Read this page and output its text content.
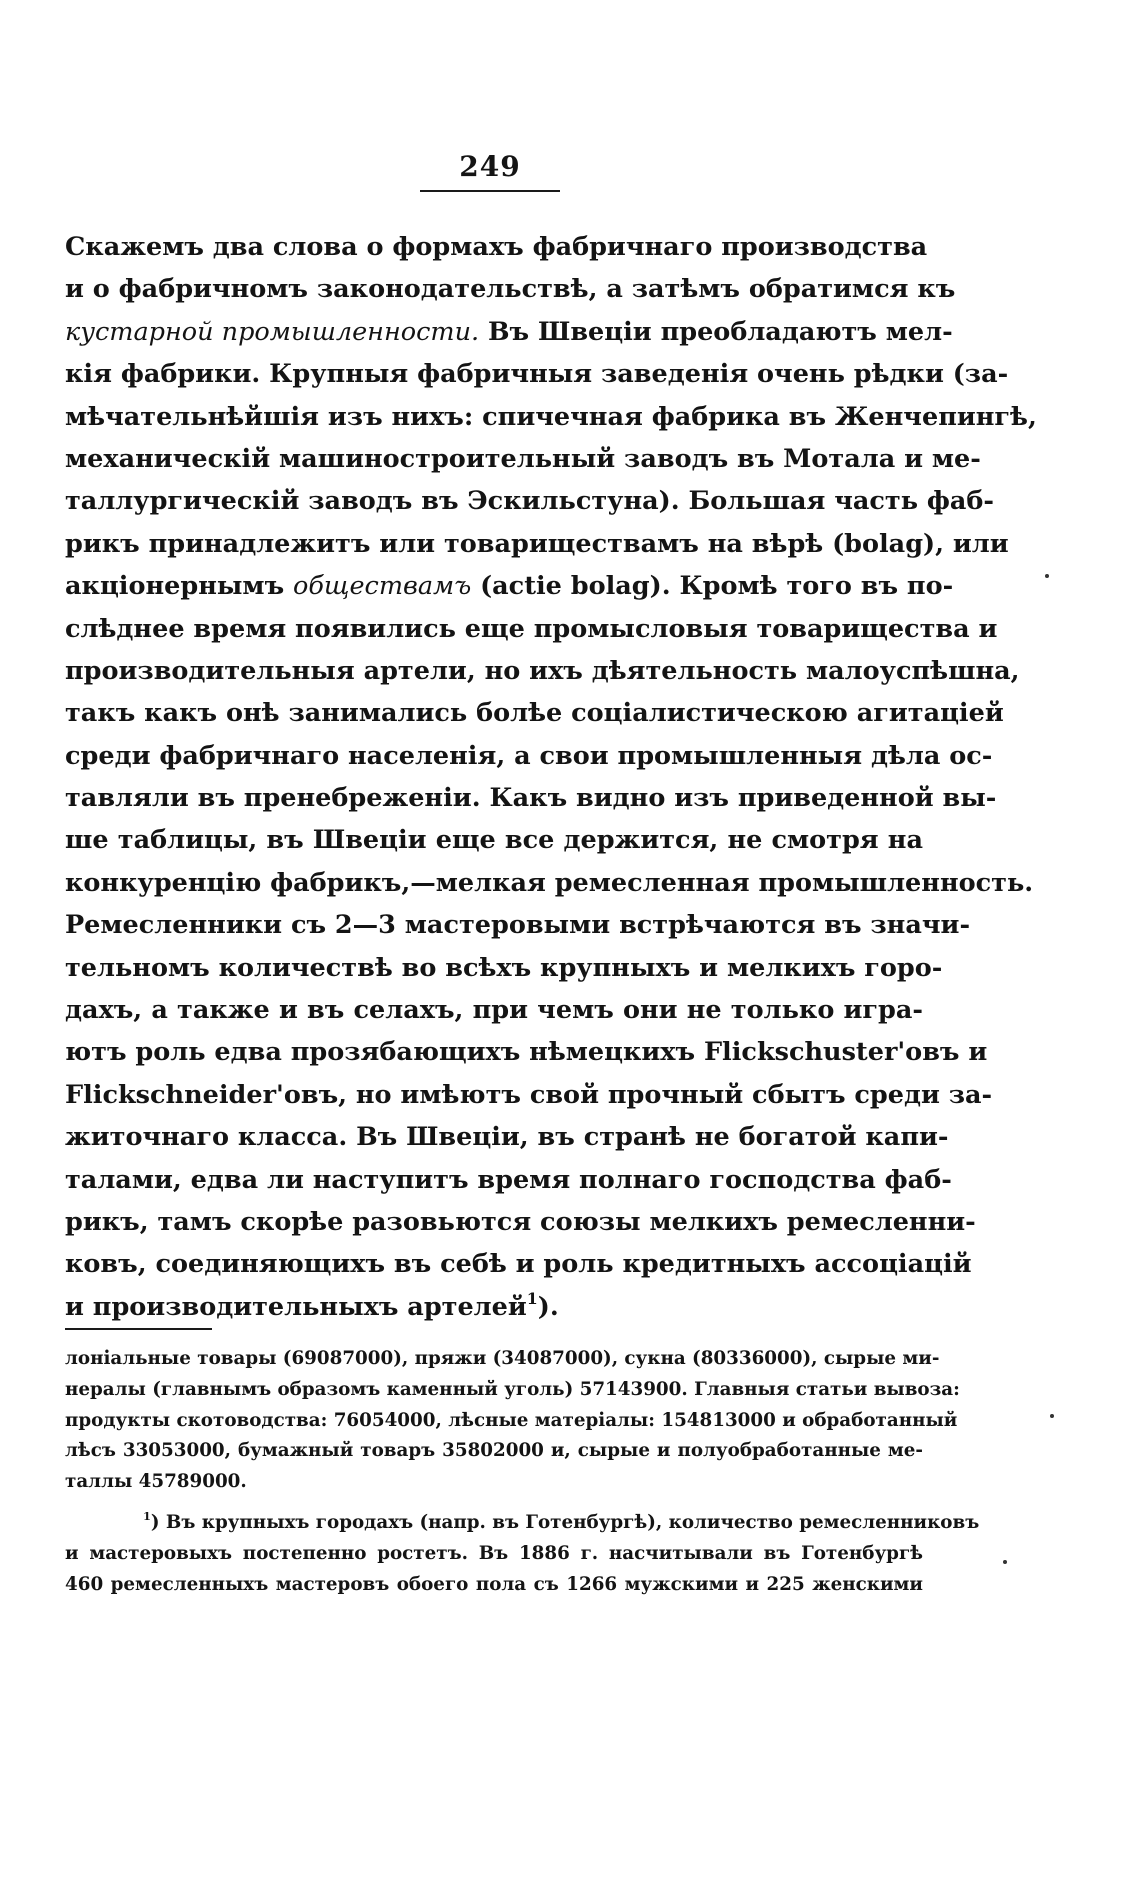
249
Скажемъ два слова о формахъ фабричнаго производства
и о фабричномъ законодательствѣ, а затѣмъ обратимся къ
кустарной промышленности. Въ Швеціи преобладаютъ мел-
кія фабрики. Крупныя фабричныя заведенія очень рѣдки (за-
мѣчательнѣйшія изъ нихъ: спичечная фабрика въ Женчепингѣ,
механическій машиностроительный заводъ въ Мотала и ме-
таллургическій заводъ въ Эскильстуна). Большая часть фаб-
рикъ принадлежитъ или товариществамъ на вѣрѣ (bolag), или
акціонернымъ обществамъ (actie bolag). Кромѣ того въ по-
слѣднее время появились еще промысловыя товарищества и
производительныя артели, но ихъ дѣятельность малоуспѣшна,
такъ какъ онѣ занимались болѣе соціалистическою агитаціей
среди фабричнаго населенія, а свои промышленныя дѣла ос-
тавляли въ пренебреженіи. Какъ видно изъ приведенной вы-
ше таблицы, въ Швеціи еще все держится, не смотря на
конкуренцію фабрикъ,—мелкая ремесленная промышленность.
Ремесленники съ 2—3 мастеровыми встрѣчаются въ значи-
тельномъ количествѣ во всѣхъ крупныхъ и мелкихъ горо-
дахъ, а также и въ селахъ, при чемъ они не только игра-
ютъ роль едва прозябающихъ нѣмецкихъ Flickschuster'овъ и
Flickschneider'овъ, но имѣютъ свой прочный сбытъ среди за-
житочнаго класса. Въ Швеціи, въ странѣ не богатой капи-
талами, едва ли наступитъ время полнаго господства фаб-
рикъ, тамъ скорѣе разовьются союзы мелкихъ ремесленни-
ковъ, соединяющихъ въ себѣ и роль кредитныхъ ассоціацій
и производительныхъ артелей$^1$).
лоніальные товары (69087000), пряжи (34087000), сукна (80336000), сырые ми-
нералы (главнымъ образомъ каменный уголь) 57143900. Главныя статьи вывоза:
продукты скотоводства: 76054000, лѣсные матеріалы: 154813000 и обработанный
лѣсъ 33053000, бумажный товаръ 35802000 и, сырые и полуобработанные ме-
таллы 45789000.
$^1$) Въ крупныхъ городахъ (напр. въ Готенбургѣ), количество ремесленниковъ
и мастеровыхъ постепенно ростетъ. Въ 1886 г. насчитывали въ Готенбургѣ
460 ремесленныхъ мастеровъ обоего пола съ 1266 мужскими и 225 женскими
